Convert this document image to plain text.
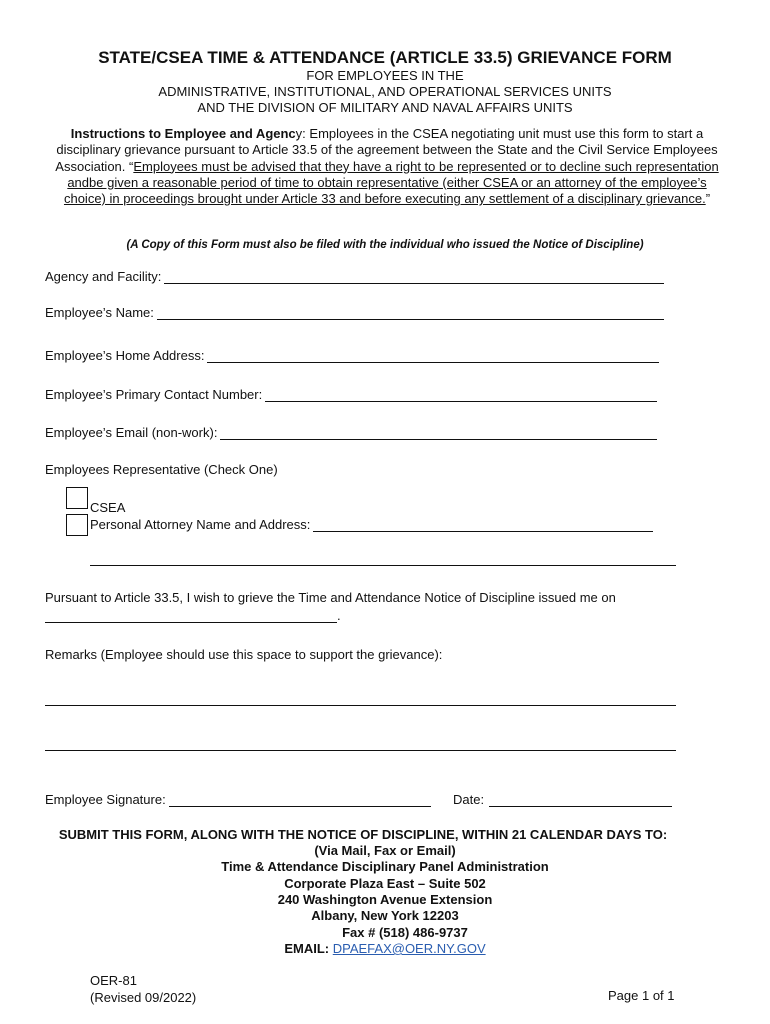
STATE/CSEA TIME & ATTENDANCE (ARTICLE 33.5) GRIEVANCE FORM
FOR EMPLOYEES IN THE
ADMINISTRATIVE, INSTITUTIONAL, AND OPERATIONAL SERVICES UNITS
AND THE DIVISION OF MILITARY AND NAVAL AFFAIRS UNITS
Instructions to Employee and Agency: Employees in the CSEA negotiating unit must use this form to start a disciplinary grievance pursuant to Article 33.5 of the agreement between the State and the Civil Service Employees Association. “Employees must be advised that they have a right to be represented or to decline such representation andbe given a reasonable period of time to obtain representative (either CSEA or an attorney of the employee’s choice) in proceedings brought under Article 33 and before executing any settlement of a disciplinary grievance.”
(A Copy of this Form must also be filed with the individual who issued the Notice of Discipline)
Agency and Facility:
Employee’s Name:
Employee’s Home Address:
Employee’s Primary Contact Number:
Employee’s Email (non-work):
Employees Representative (Check One)
CSEA
Personal Attorney Name and Address:
Pursuant to Article 33.5, I wish to grieve the Time and Attendance Notice of Discipline issued me on
.
Remarks (Employee should use this space to support the grievance):
Employee Signature:	Date:
SUBMIT THIS FORM, ALONG WITH THE NOTICE OF DISCIPLINE, WITHIN 21 CALENDAR DAYS TO:
(Via Mail, Fax or Email)
Time & Attendance Disciplinary Panel Administration
Corporate Plaza East – Suite 502
240 Washington Avenue Extension
Albany, New York 12203
Fax # (518) 486-9737
EMAIL: DPAEFAX@OER.NY.GOV
OER-81
(Revised 09/2022)	Page 1 of 1
